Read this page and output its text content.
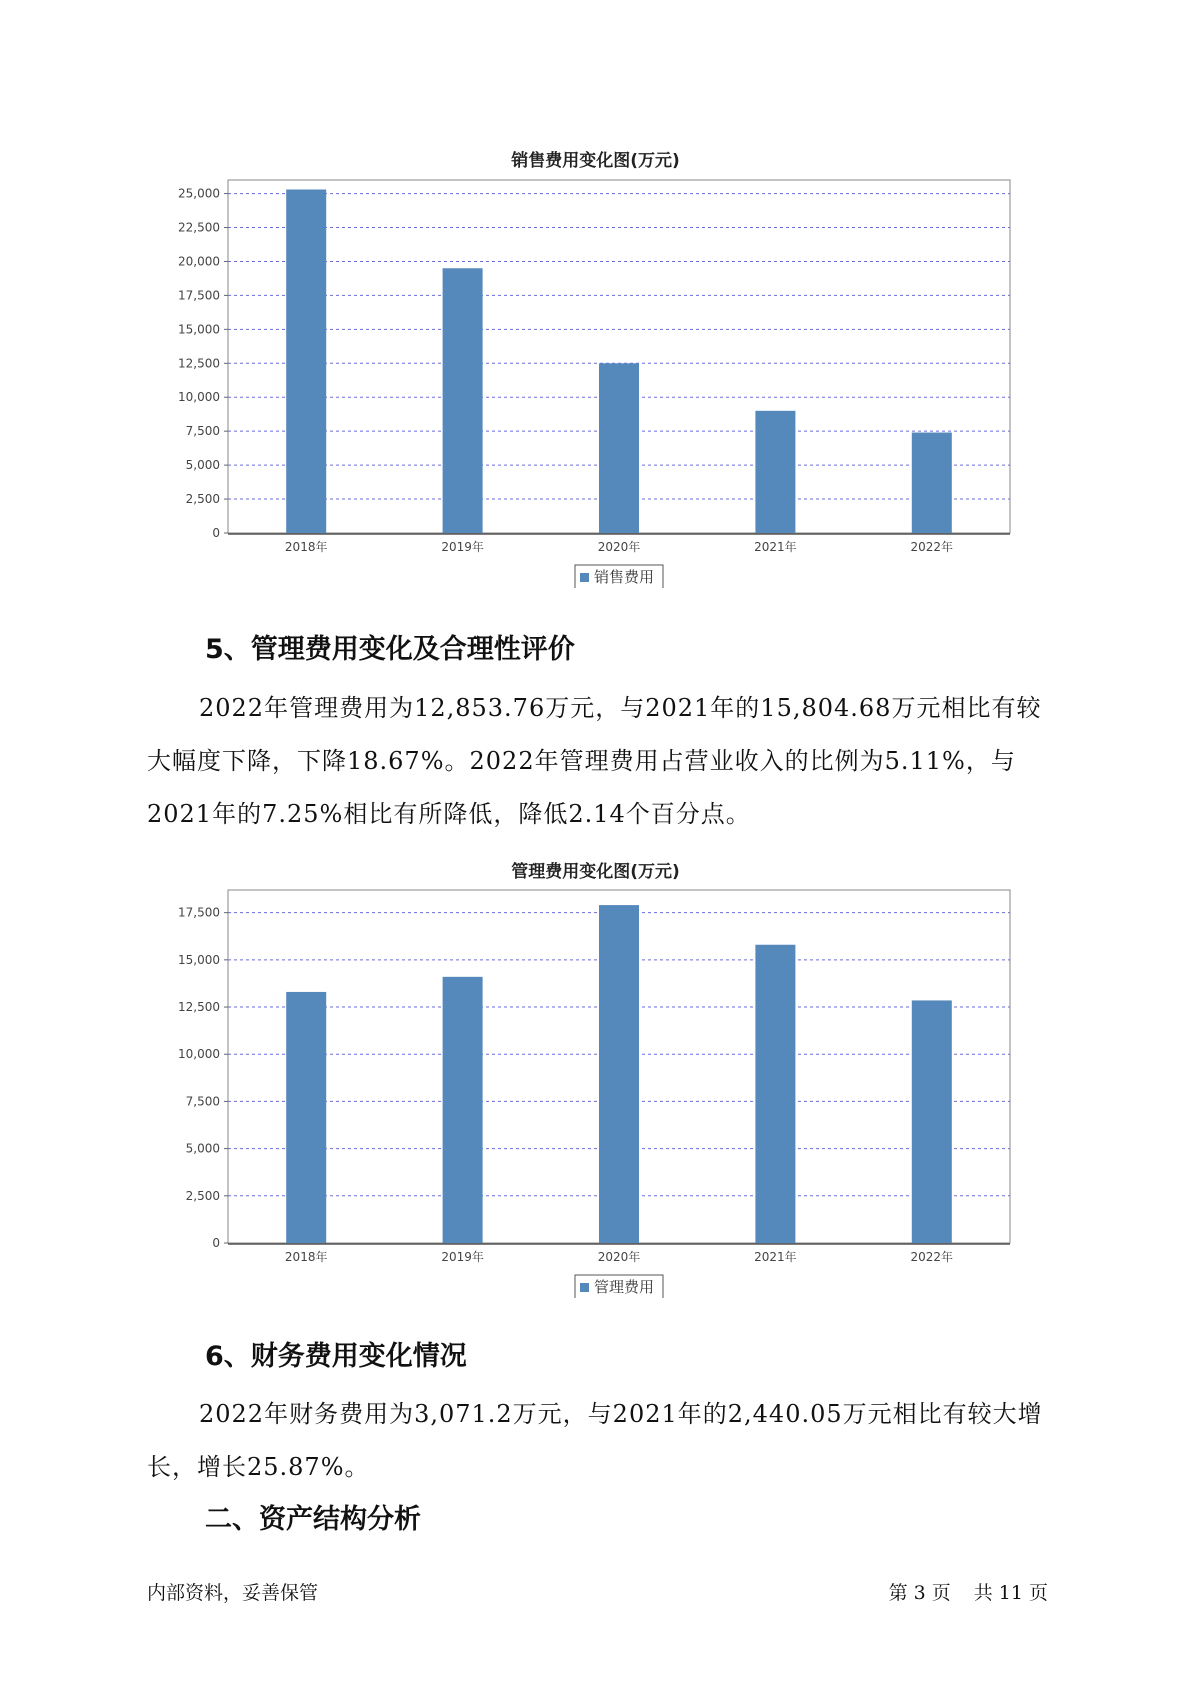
销售费用变化图(万元)
0
2,500
5,000
7,500
10,000
12,500
15,000
17,500
20,000
22,500
25,000
2018年	2019年	2020年	2021年	2022年
销售费用
5、管理费用变化及合理性评价

2022年管理费用为12,853.76万元，与2021年的15,804.68万元相比有较大幅度下降，下降18.67%。2022年管理费用占营业收入的比例为5.11%，与2021年的7.25%相比有所降低，降低2.14个百分点。

管理费用变化图(万元)
0
2,500
5,000
7,500
10,000
12,500
15,000
17,500
2018年	2019年	2020年	2021年	2022年
管理费用
6、财务费用变化情况

2022年财务费用为3,071.2万元，与2021年的2,440.05万元相比有较大增长，增长25.87%。

二、资产结构分析
内部资料，妥善保管	第 3 页 共 11 页
